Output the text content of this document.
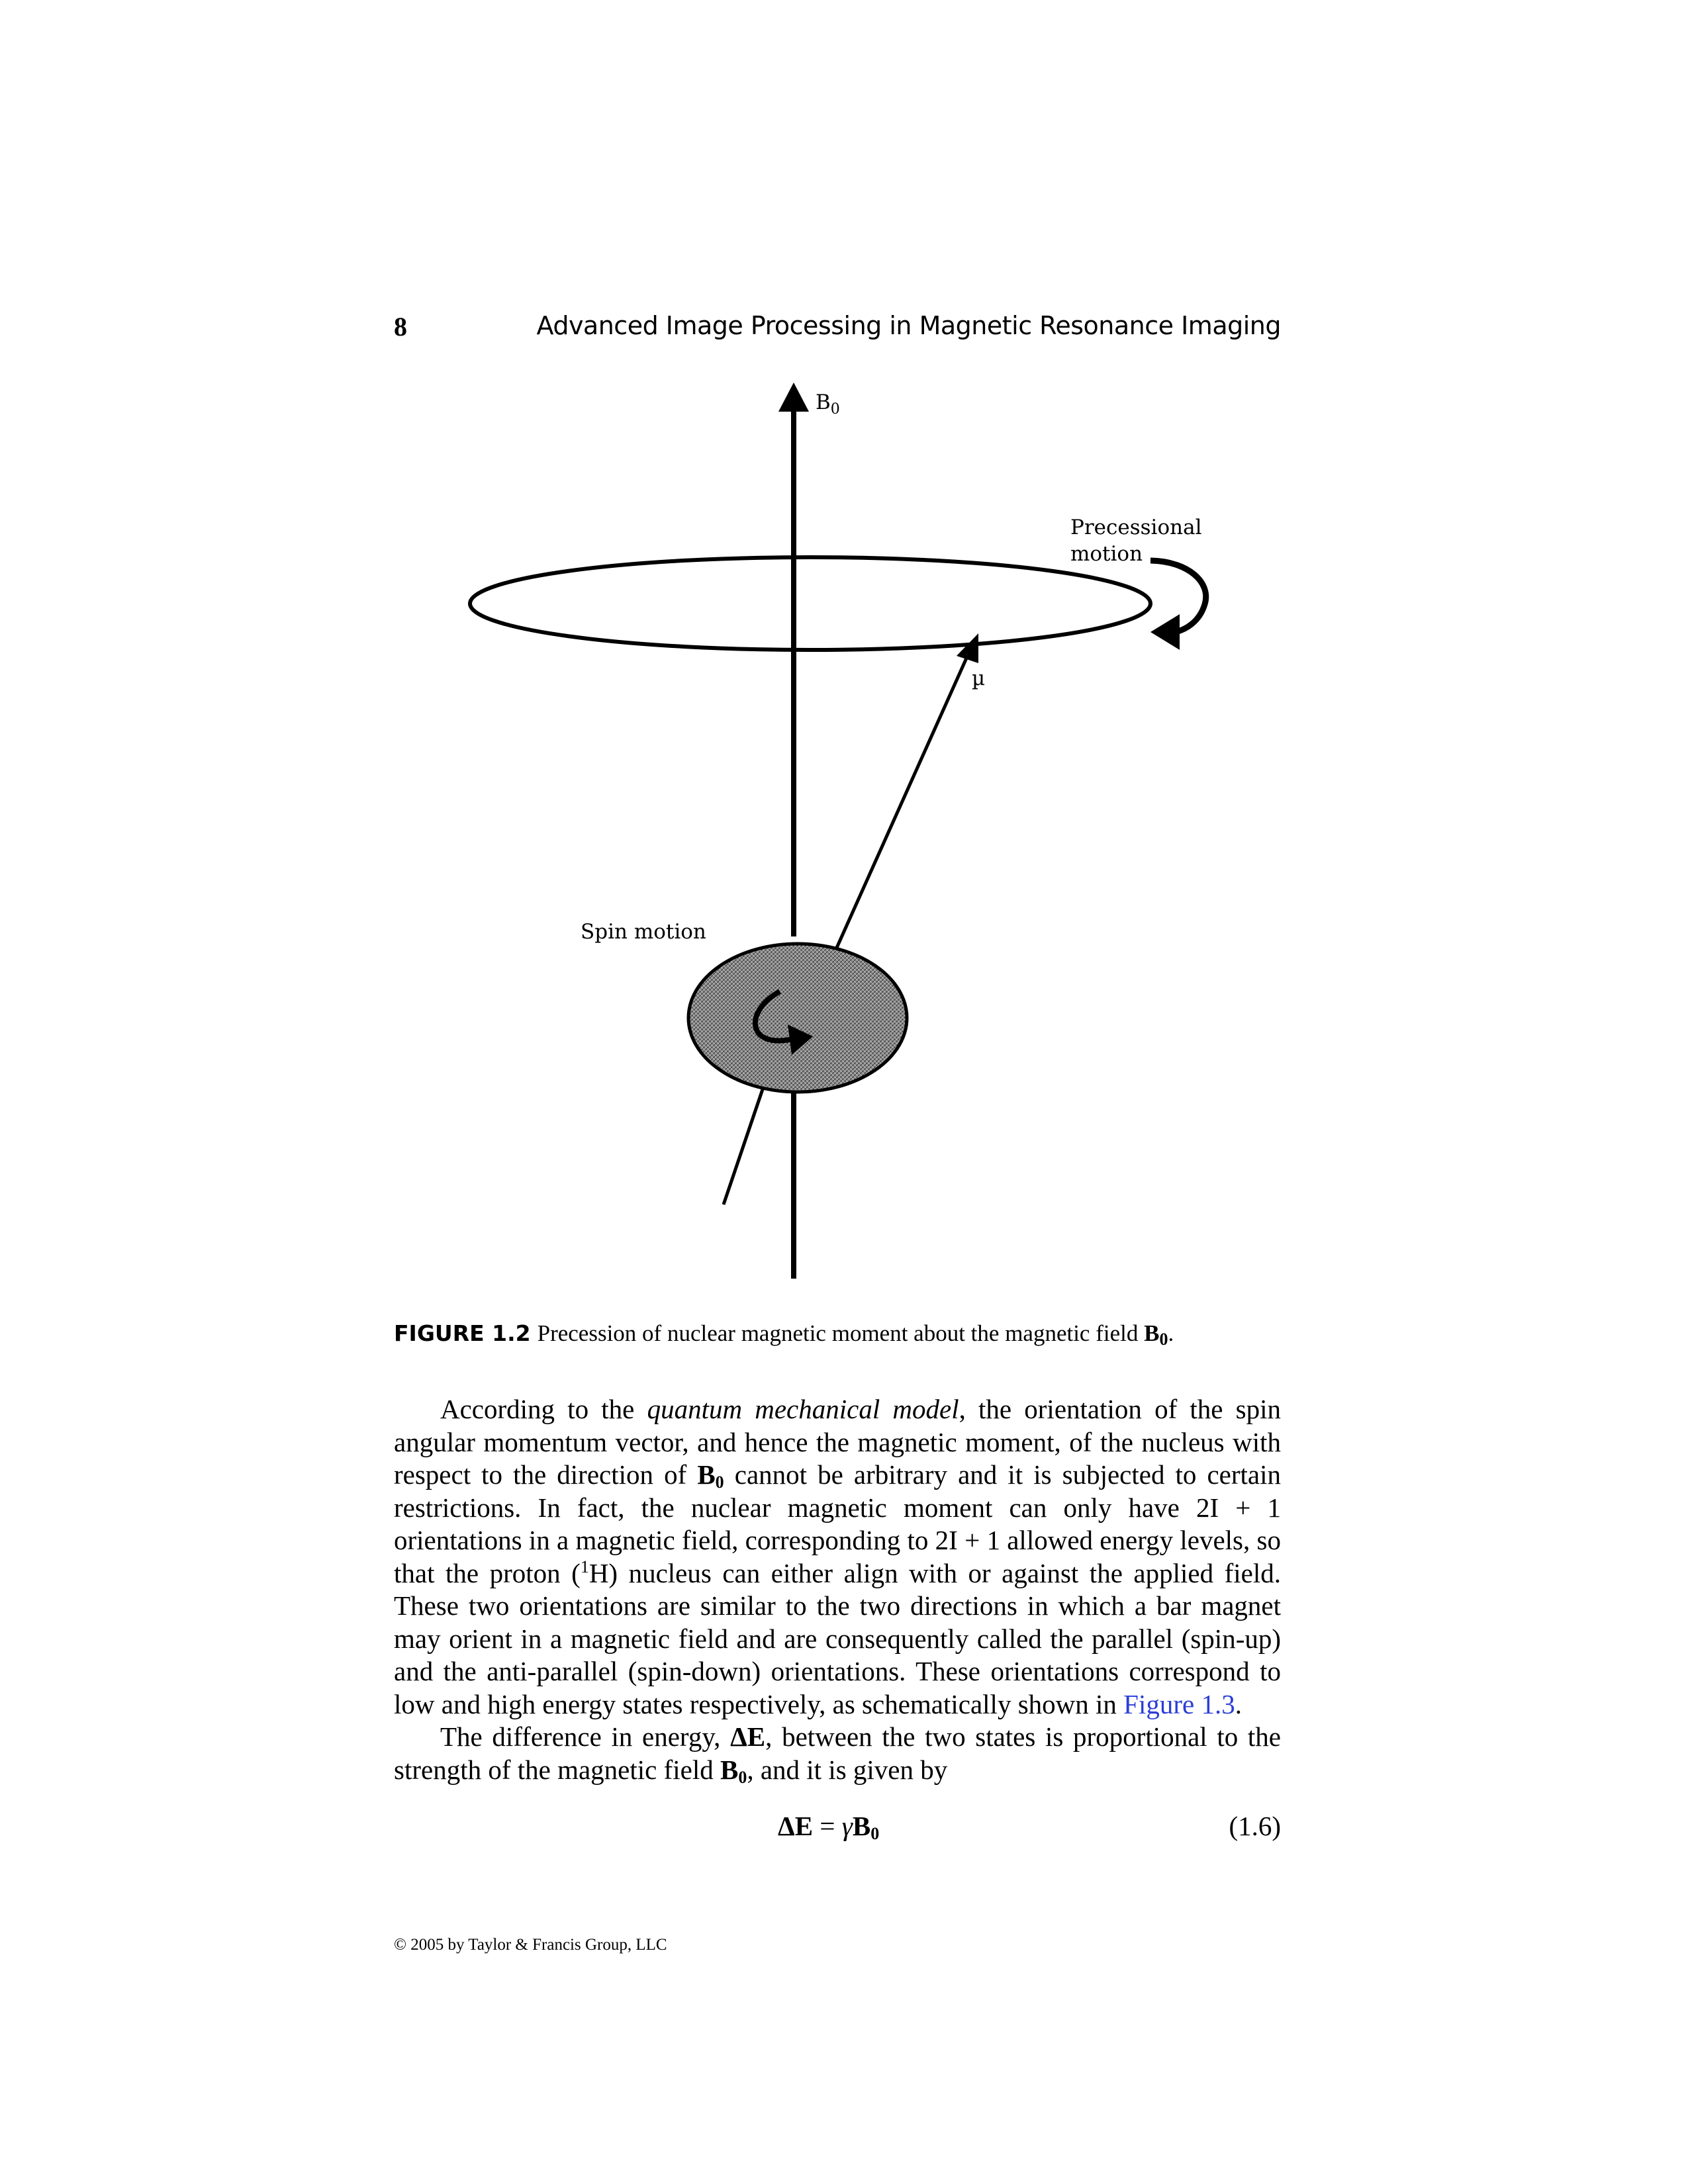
8	Advanced Image Processing in Magnetic Resonance Imaging
$B_0$
Precessional
motion
µ
Spin motion
FIGURE 1.2 Precession of nuclear magnetic moment about the magnetic field $B_0$.

According to the quantum mechanical model, the orientation of the spin angular momentum vector, and hence the magnetic moment, of the nucleus with respect to the direction of $B_0$ cannot be arbitrary and it is subjected to certain restrictions. In fact, the nuclear magnetic moment can only have 2I + 1 orientations in a magnetic field, corresponding to 2I + 1 allowed energy levels, so that the proton ($^1$H) nucleus can either align with or against the applied field. These two orientations are similar to the two directions in which a bar magnet may orient in a magnetic field and are consequently called the parallel (spin-up) and the anti-parallel (spin-down) orientations. These orientations correspond to low and high energy states respectively, as schematically shown in Figure 1.3.

The difference in energy, ΔE, between the two states is proportional to the strength of the magnetic field $B_0$, and it is given by

$\Delta E = \gamma B_0$	(1.6)
© 2005 by Taylor & Francis Group, LLC
